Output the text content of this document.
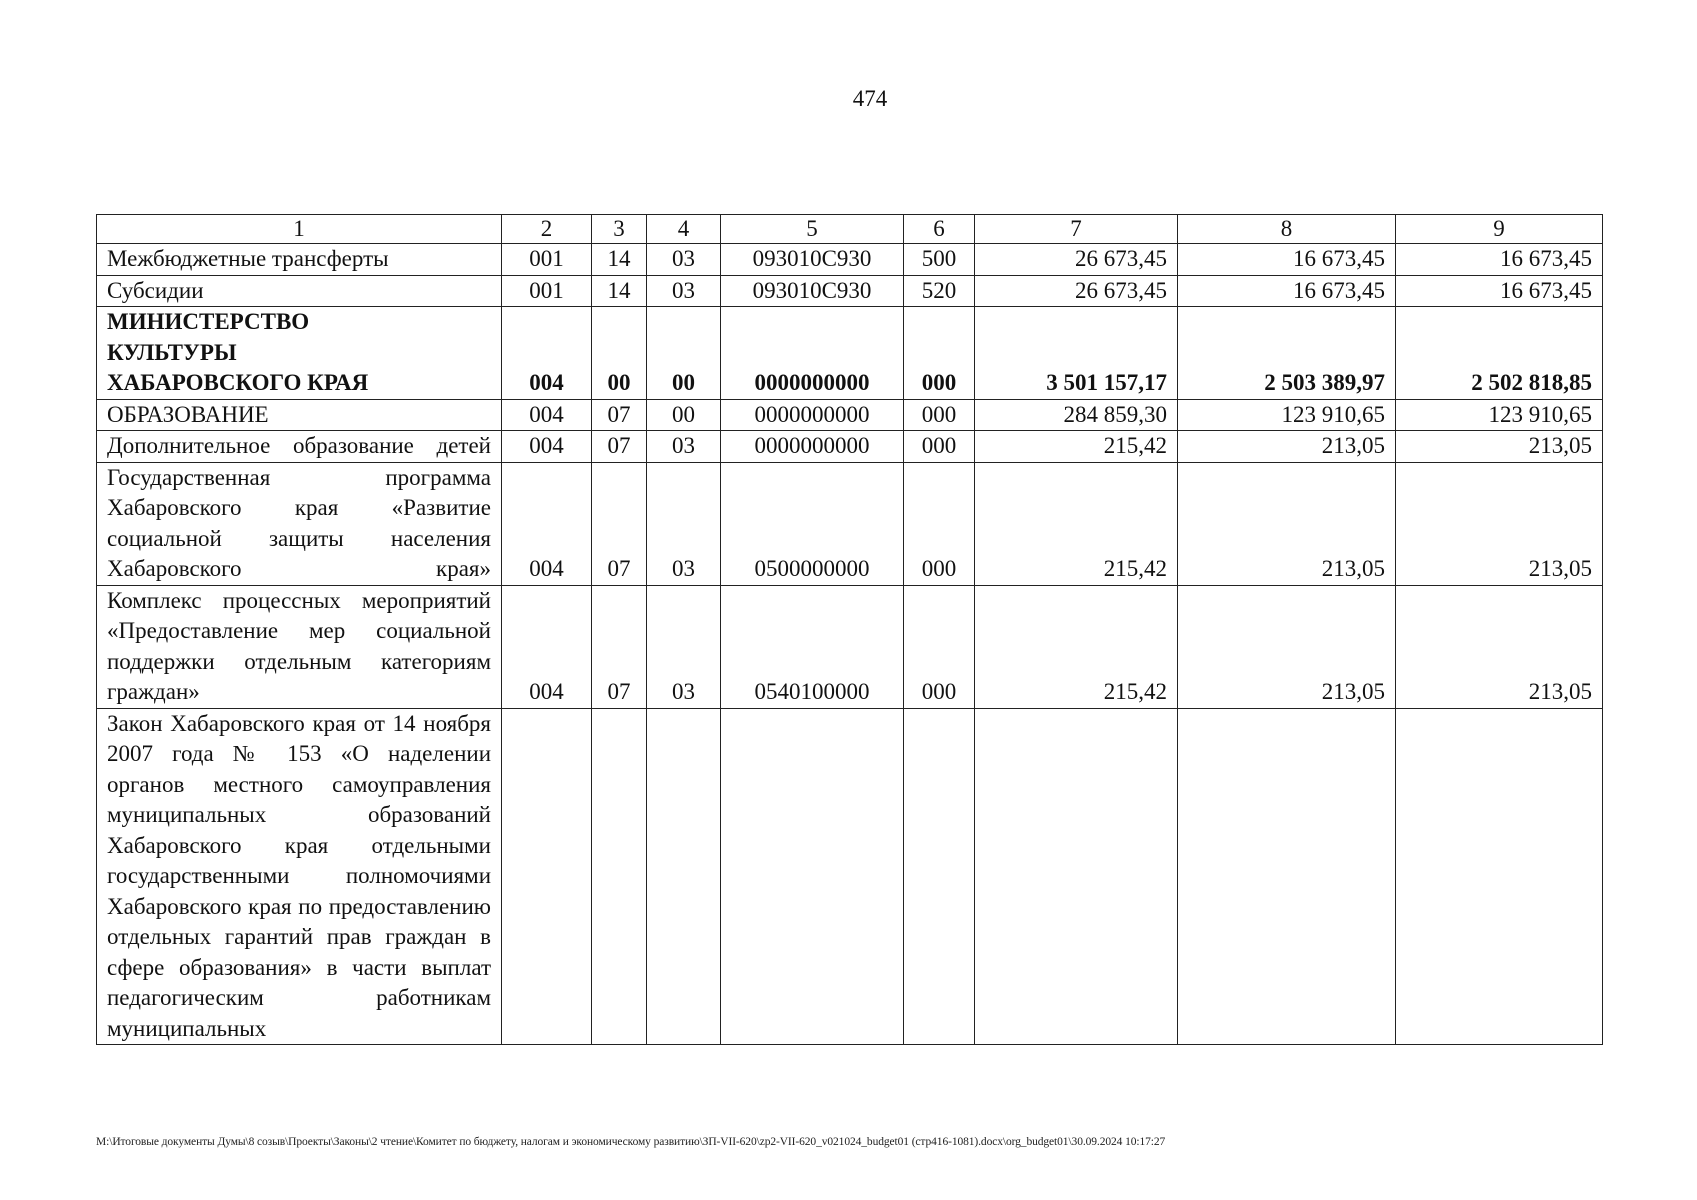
474
1	2	3	4	5	6	7	8	9
Межбюджетные трансферты	001	14	03	093010С930	500	26 673,45	16 673,45	16 673,45
Субсидии	001	14	03	093010С930	520	26 673,45	16 673,45	16 673,45

МИНИСТЕРСТВО
КУЛЬТУРЫ
ХАБАРОВСКОГО КРАЯ	004	00	00	0000000000	000	3 501 157,17	2 503 389,97	2 502 818,85
ОБРАЗОВАНИЕ	004	07	00	0000000000	000	284 859,30	123 910,65	123 910,65
Дополнительное образование детей	004	07	03	0000000000	000	215,42	213,05	213,05
Государственная программа Хабаровского края «Развитие социальной защиты населения Хабаровского края»	004	07	03	0500000000	000	215,42	213,05	213,05
Комплекс процессных мероприятий «Предоставление мер социальной поддержки отдельным категориям граждан»	004	07	03	0540100000	000	215,42	213,05	213,05
Закон Хабаровского края от 14 ноября 2007 года № 153 «О наделении органов местного самоуправления муниципальных образований Хабаровского края отдельными государственными полномочиями Хабаровского края по предоставлению отдельных гарантий прав граждан в сфере образования» в части выплат педагогическим работникам муниципальных								
M:\Итоговые документы Думы\8 созыв\Проекты\Законы\2 чтение\Комитет по бюджету, налогам и экономическому развитию\ЗП-VII-620\zp2-VII-620_v021024_budget01 (стр416-1081).docx\org_budget01\30.09.2024 10:17:27
